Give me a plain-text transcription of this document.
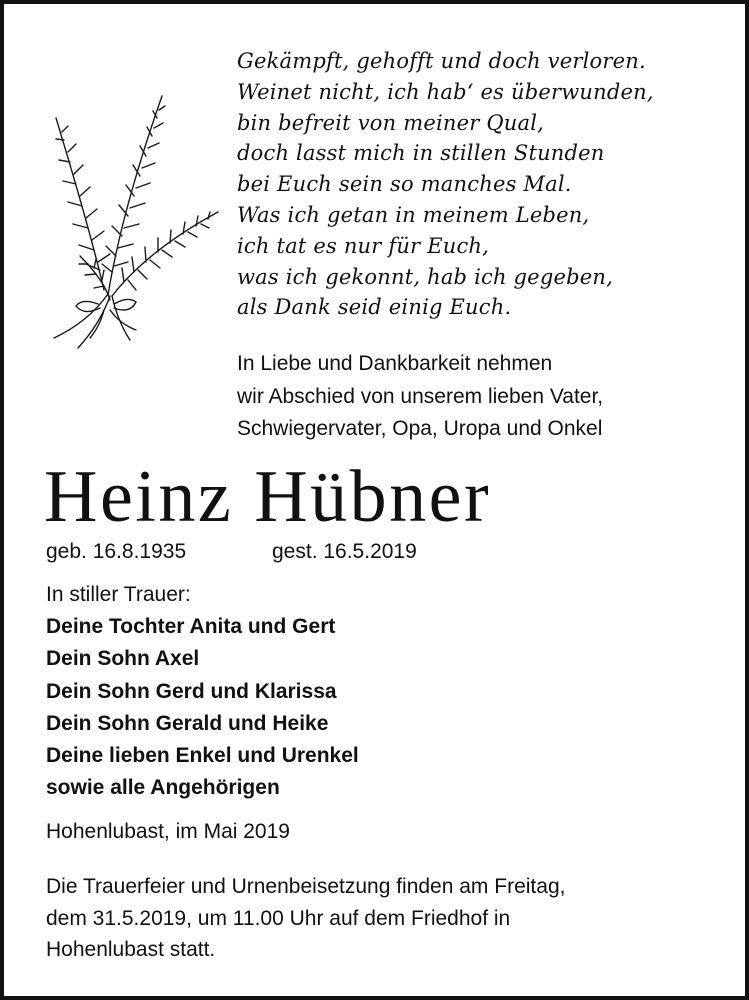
Gekämpft, gehofft und doch verloren.
Weinet nicht, ich hab‘ es überwunden,
bin befreit von meiner Qual,
doch lasst mich in stillen Stunden
bei Euch sein so manches Mal.
Was ich getan in meinem Leben,
ich tat es nur für Euch,
was ich gekonnt, hab ich gegeben,
als Dank seid einig Euch.
In Liebe und Dankbarkeit nehmen
wir Abschied von unserem lieben Vater,
Schwiegervater, Opa, Uropa und Onkel
Heinz Hübner
geb. 16.8.1935	gest. 16.5.2019
In stiller Trauer:
Deine Tochter Anita und Gert
Dein Sohn Axel
Dein Sohn Gerd und Klarissa
Dein Sohn Gerald und Heike
Deine lieben Enkel und Urenkel
sowie alle Angehörigen
Hohenlubast, im Mai 2019
Die Trauerfeier und Urnenbeisetzung finden am Freitag,
dem 31.5.2019, um 11.00 Uhr auf dem Friedhof in
Hohenlubast statt.
